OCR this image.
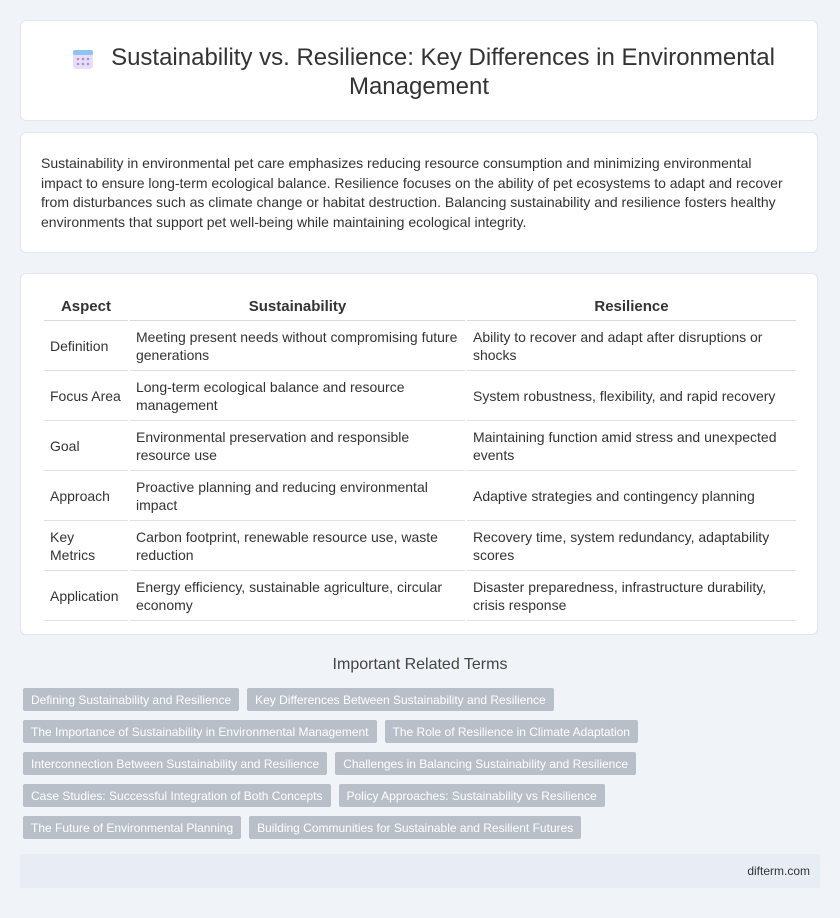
Sustainability vs. Resilience: Key Differences in Environmental
Management

Sustainability in environmental pet care emphasizes reducing resource consumption and minimizing environmental impact to ensure long-term ecological balance. Resilience focuses on the ability of pet ecosystems to adapt and recover from disturbances such as climate change or habitat destruction. Balancing sustainability and resilience fosters healthy environments that support pet well-being while maintaining ecological integrity.

Aspect	Sustainability	Resilience
Definition	Meeting present needs without compromising future generations	Ability to recover and adapt after disruptions or shocks
Focus Area	Long-term ecological balance and resource management	System robustness, flexibility, and rapid recovery
Goal	Environmental preservation and responsible resource use	Maintaining function amid stress and unexpected events
Approach	Proactive planning and reducing environmental impact	Adaptive strategies and contingency planning
Key Metrics	Carbon footprint, renewable resource use, waste reduction	Recovery time, system redundancy, adaptability scores
Application	Energy efficiency, sustainable agriculture, circular economy	Disaster preparedness, infrastructure durability, crisis response
Important Related Terms
Defining Sustainability and Resilience	Key Differences Between Sustainability and Resilience
The Importance of Sustainability in Environmental Management	The Role of Resilience in Climate Adaptation
Interconnection Between Sustainability and Resilience	Challenges in Balancing Sustainability and Resilience
Case Studies: Successful Integration of Both Concepts	Policy Approaches: Sustainability vs Resilience
The Future of Environmental Planning	Building Communities for Sustainable and Resilient Futures
difterm.com
